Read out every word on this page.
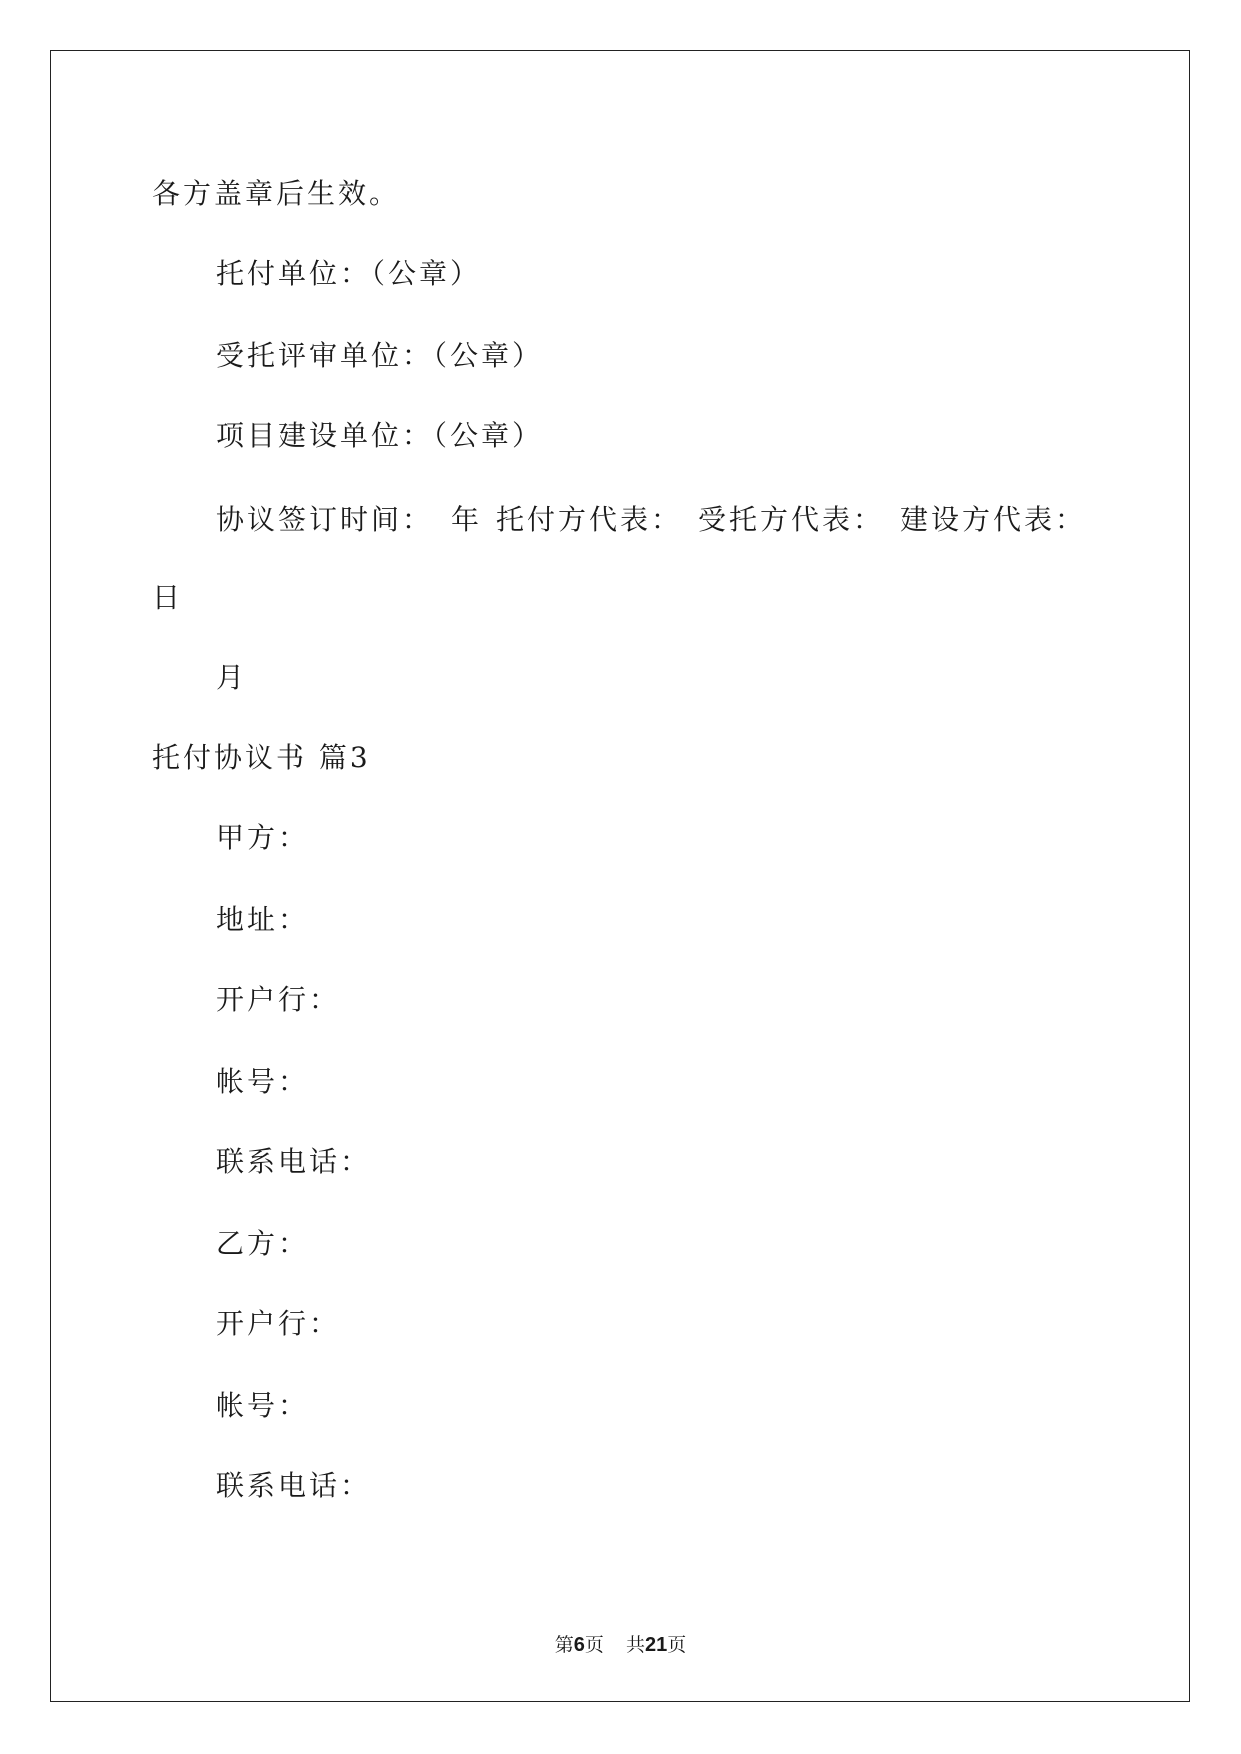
各方盖章后生效。
托付单位：（公章）
受托评审单位：（公章）
项目建设单位：（公章）
协议签订时间： 年 托付方代表： 受托方代表： 建设方代表：
日
月
托付协议书 篇3
甲方：
地址：
开户行：
帐号：
联系电话：
乙方：
开户行：
帐号：
联系电话：
第6页 共21页
